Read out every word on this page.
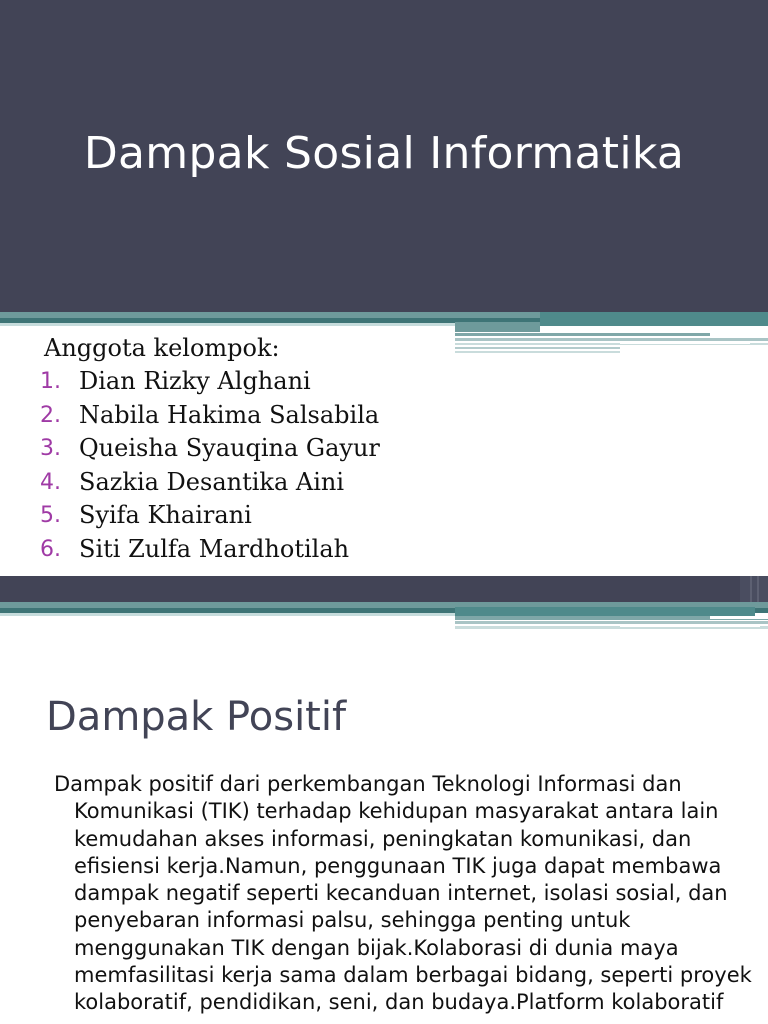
Dampak Sosial Informatika
Anggota kelompok:
1. Dian Rizky Alghani
2. Nabila Hakima Salsabila
3. Queisha Syauqina Gayur
4. Sazkia Desantika Aini
5. Syifa Khairani
6. Siti Zulfa Mardhotilah
Dampak Positif
Dampak positif dari perkembangan Teknologi Informasi dan Komunikasi (TIK) terhadap kehidupan masyarakat antara lain kemudahan akses informasi, peningkatan komunikasi, dan efisiensi kerja.Namun, penggunaan TIK juga dapat membawa dampak negatif seperti kecanduan internet, isolasi sosial, dan penyebaran informasi palsu, sehingga penting untuk menggunakan TIK dengan bijak.Kolaborasi di dunia maya memfasilitasi kerja sama dalam berbagai bidang, seperti proyek kolaboratif, pendidikan, seni, dan budaya.Platform kolaboratif
